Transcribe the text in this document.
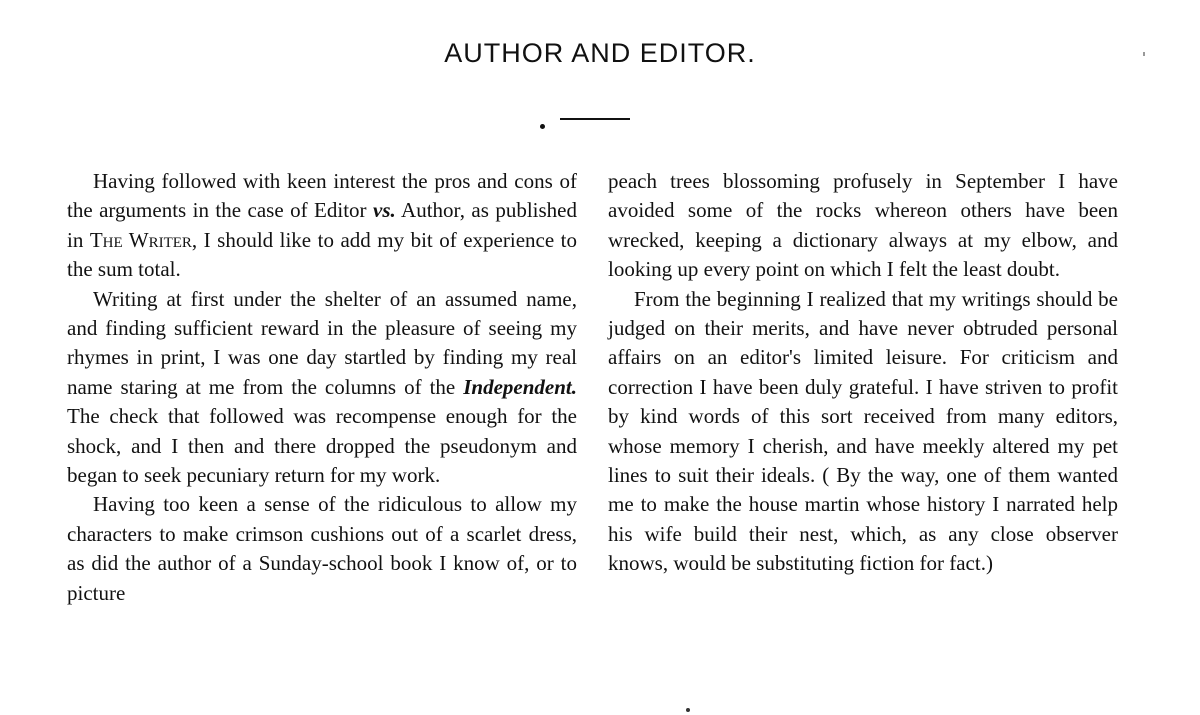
AUTHOR AND EDITOR.

Having followed with keen interest the pros and cons of the arguments in the case of Editor vs. Author, as published in The Writer, I should like to add my bit of experience to the sum total.

Writing at first under the shelter of an assumed name, and finding sufficient reward in the pleasure of seeing my rhymes in print, I was one day startled by finding my real name staring at me from the columns of the Independent. The check that followed was recompense enough for the shock, and I then and there dropped the pseudonym and began to seek pecuniary return for my work.

Having too keen a sense of the ridiculous to allow my characters to make crimson cushions out of a scarlet dress, as did the author of a Sunday-school book I know of, or to picture

peach trees blossoming profusely in September I have avoided some of the rocks whereon others have been wrecked, keeping a dictionary always at my elbow, and looking up every point on which I felt the least doubt.

From the beginning I realized that my writings should be judged on their merits, and have never obtruded personal affairs on an editor's limited leisure. For criticism and correction I have been duly grateful. I have striven to profit by kind words of this sort received from many editors, whose memory I cherish, and have meekly altered my pet lines to suit their ideals. ( By the way, one of them wanted me to make the house martin whose history I narrated help his wife build their nest, which, as any close observer knows, would be substituting fiction for fact.)
